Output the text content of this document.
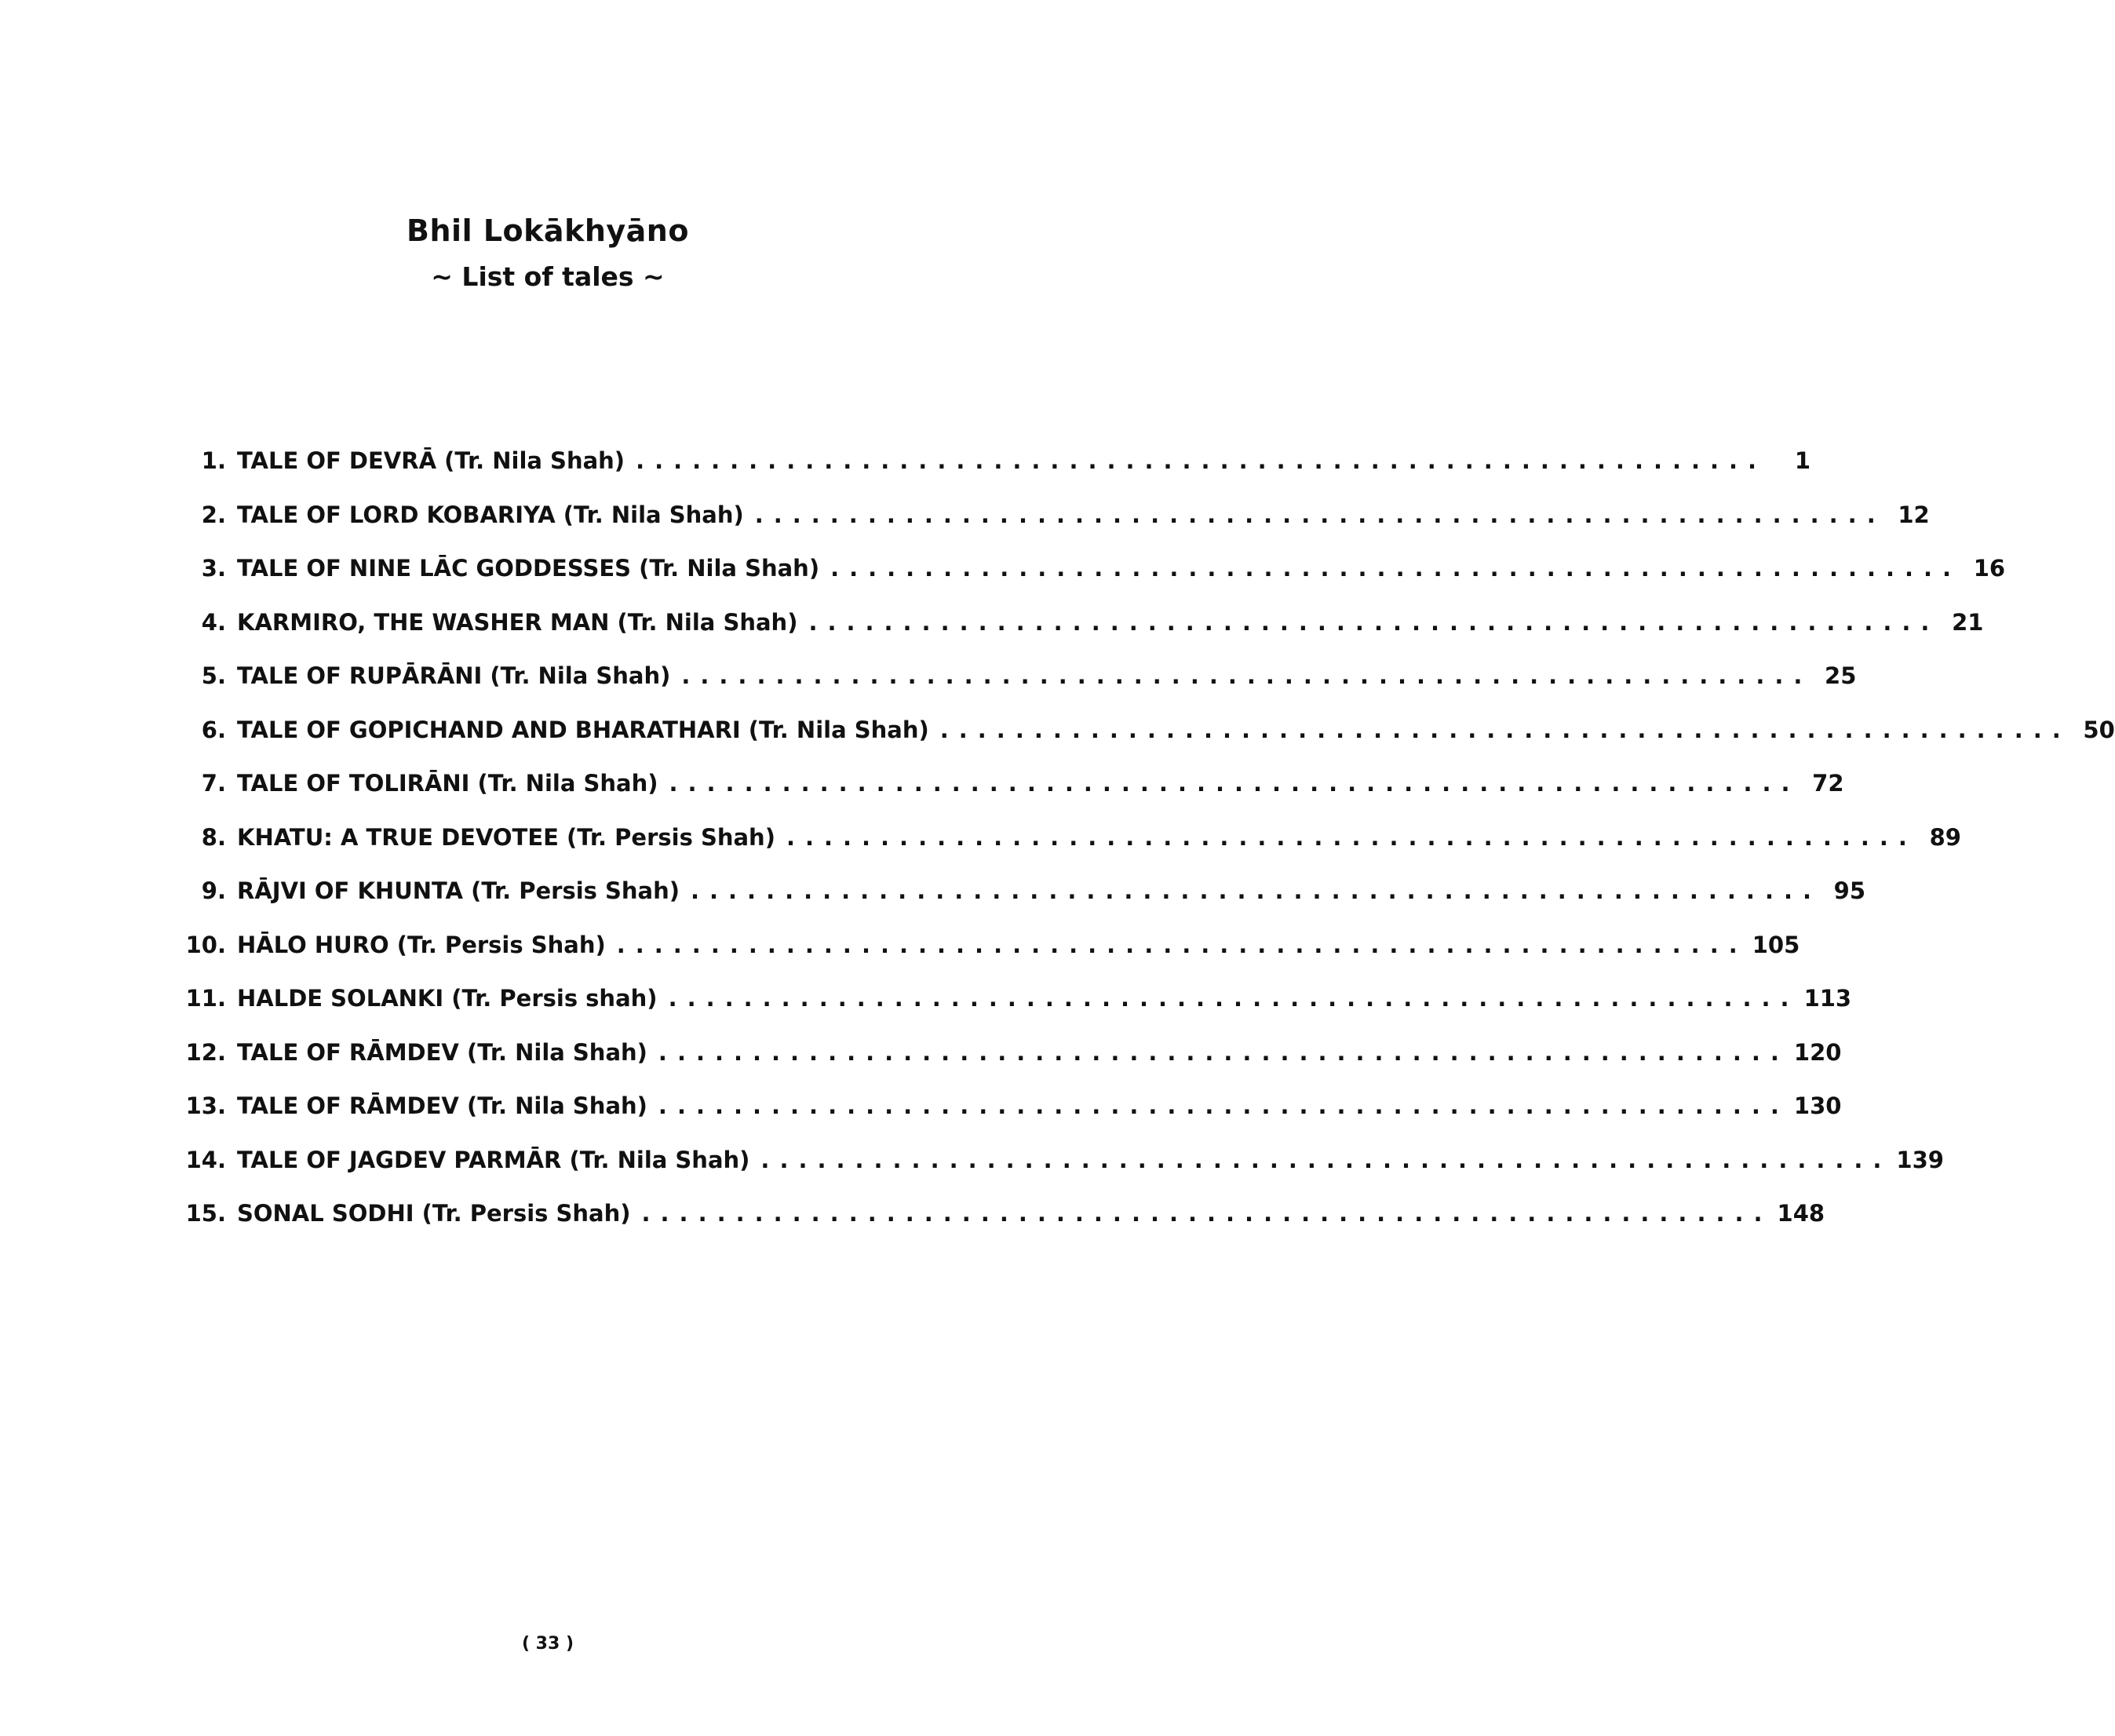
Bhil Lokākhyāno
~ List of tales ~
1. TALE OF DEVRĀ (Tr. Nila Shah) ............................................................	1
2. TALE OF LORD KOBARIYA (Tr. Nila Shah) ............................................................ 12
3. TALE OF NINE LĀC GODDESSES (Tr. Nila Shah) ............................................................ 16
4. KARMIRO, THE WASHER MAN (Tr. Nila Shah) ............................................................ 21
5. TALE OF RUPĀRĀNI (Tr. Nila Shah) ............................................................ 25
6. TALE OF GOPICHAND AND BHARATHARI (Tr. Nila Shah) ............................................................ 50
7. TALE OF TOLIRĀNI (Tr. Nila Shah) ............................................................ 72
8. KHATU: A TRUE DEVOTEE (Tr. Persis Shah) ............................................................ 89
9. RĀJVI OF KHUNTA (Tr. Persis Shah) ............................................................ 95
10. HĀLO HURO (Tr. Persis Shah) ............................................................ 105
11. HALDE SOLANKI (Tr. Persis shah) ............................................................ 113
12. TALE OF RĀMDEV (Tr. Nila Shah) ............................................................ 120
13. TALE OF RĀMDEV (Tr. Nila Shah) ............................................................ 130
14. TALE OF JAGDEV PARMĀR (Tr. Nila Shah) ............................................................ 139
15. SONAL SODHI (Tr. Persis Shah) ............................................................ 148
( 33 )
